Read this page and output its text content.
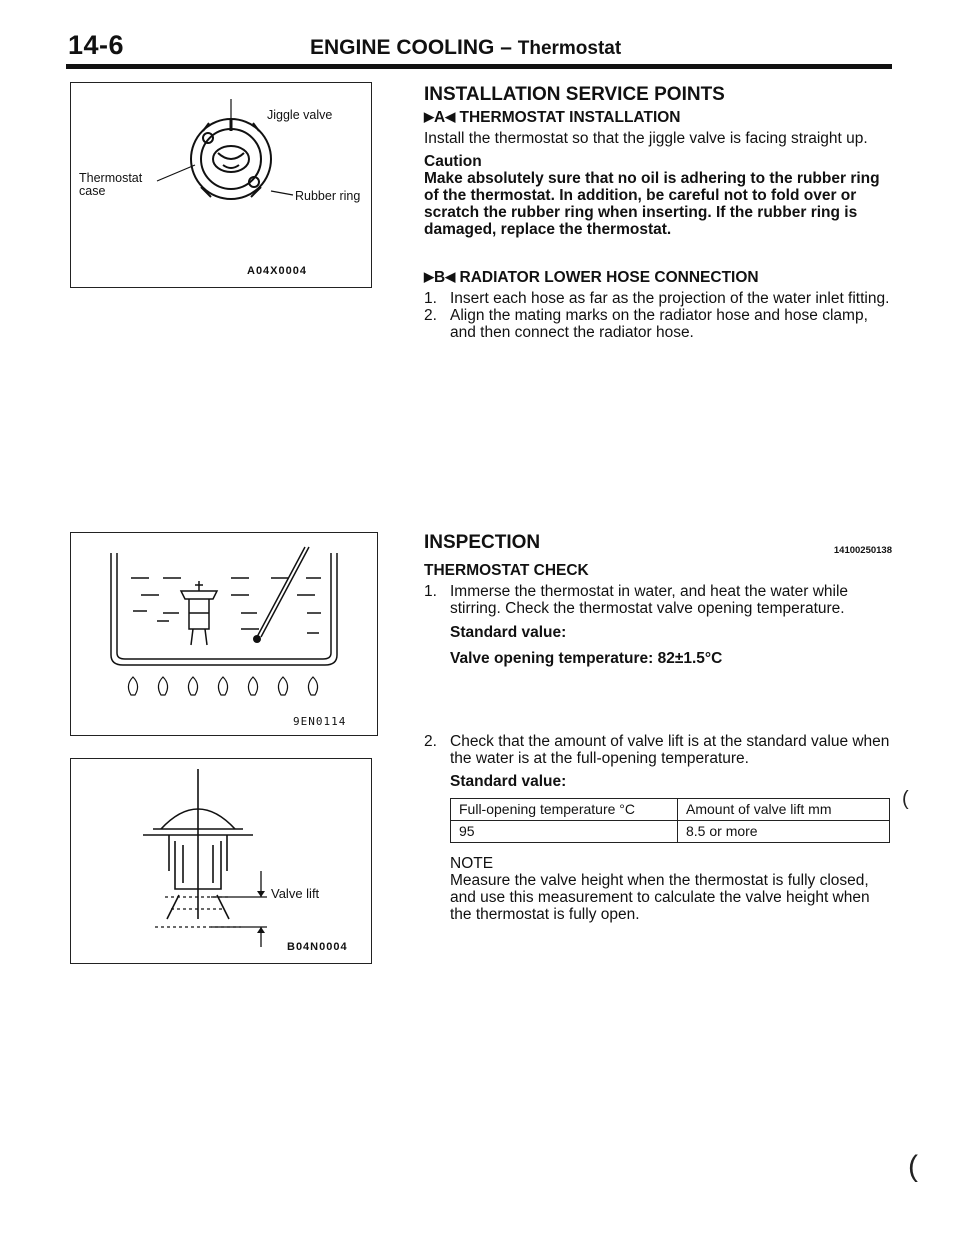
14-6	ENGINE COOLING – Thermostat
Jiggle valve
Thermostat
case	Rubber ring
A04X0004
9EN0114
Valve lift
B04N0004
INSTALLATION SERVICE POINTS
▶A◀ THERMOSTAT INSTALLATION

Install the thermostat so that the jiggle valve is facing straight up.

Caution

Make absolutely sure that no oil is adhering to the rubber ring of the thermostat. In addition, be careful not to fold over or scratch the rubber ring when inserting. If the rubber ring is damaged, replace the thermostat.

▶B◀ RADIATOR LOWER HOSE CONNECTION
1. Insert each hose as far as the projection of the water inlet fitting.
2. Align the mating marks on the radiator hose and hose clamp, and then connect the radiator hose.
INSPECTION	14100250138
THERMOSTAT CHECK
1. Immerse the thermostat in water, and heat the water while stirring. Check the thermostat valve opening temperature.
Standard value:
Valve opening temperature: 82±1.5°C
2. Check that the amount of valve lift is at the standard value when the water is at the full-opening temperature.
Standard value:
Full-opening temperature °C	Amount of valve lift mm
95	8.5 or more
NOTE

Measure the valve height when the thermostat is fully closed, and use this measurement to calculate the valve height when the thermostat is fully open.

(
(
